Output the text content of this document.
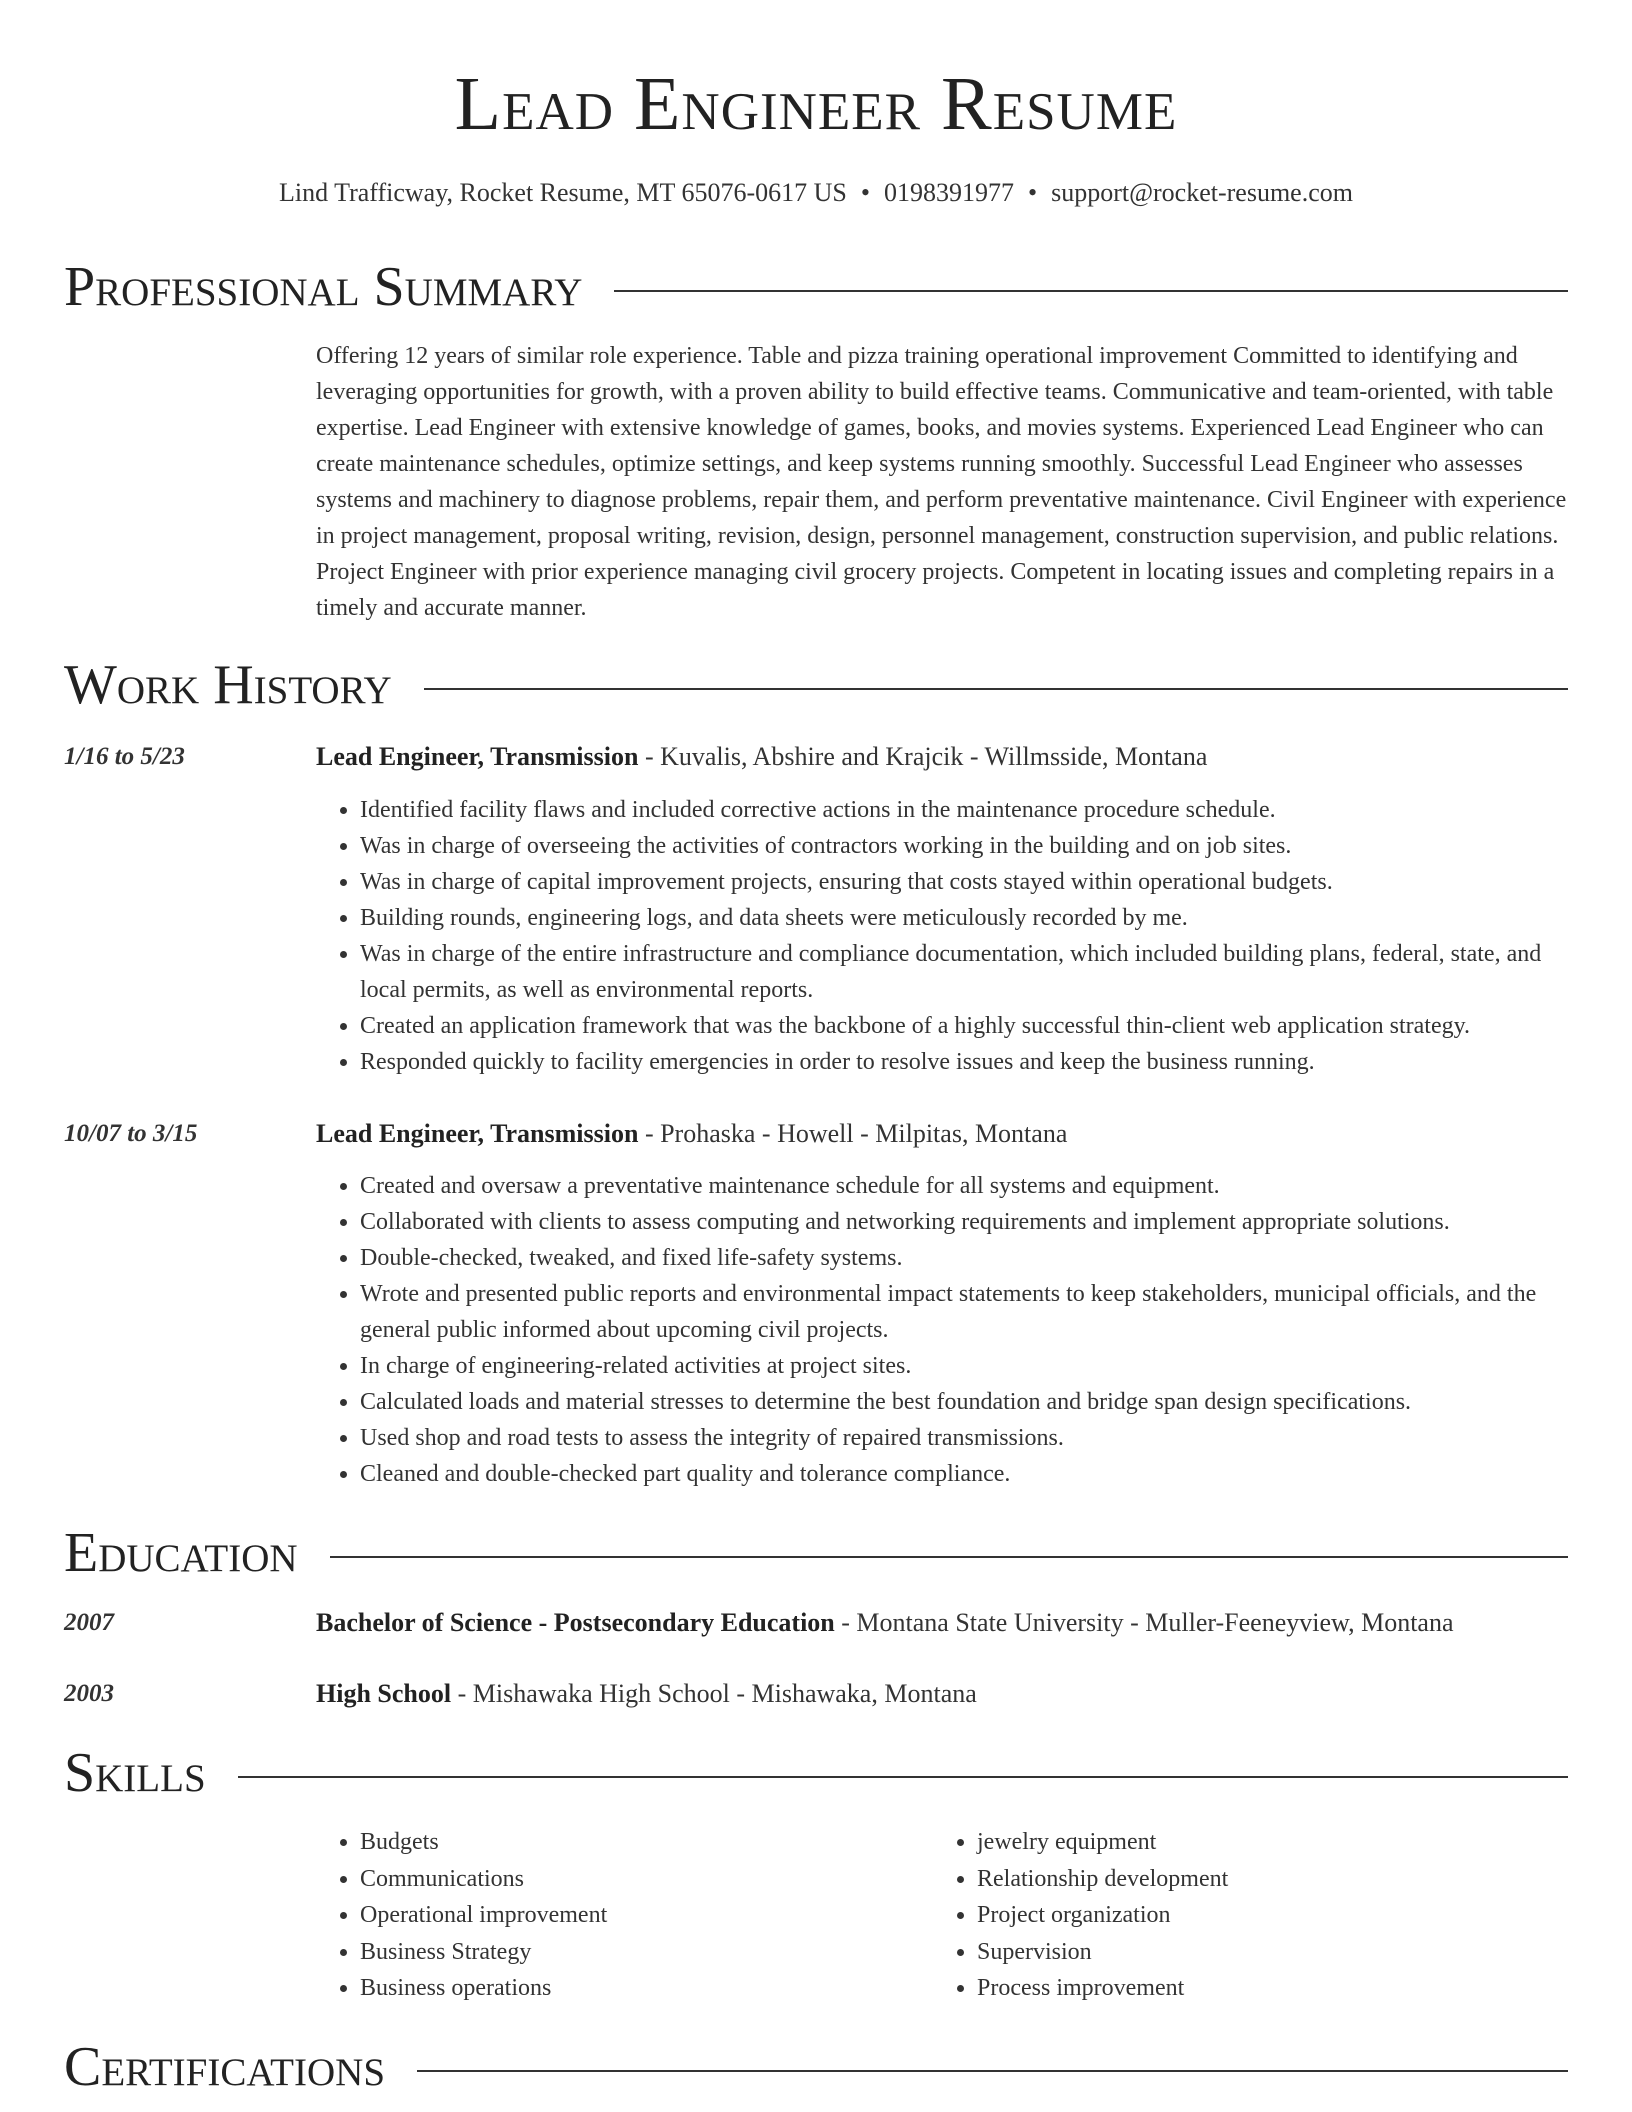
Lead Engineer Resume
Lind Trafficway, Rocket Resume, MT 65076-0617 US • 0198391977 • support@rocket-resume.com
Professional Summary
Offering 12 years of similar role experience. Table and pizza training operational improvement Committed to identifying and leveraging opportunities for growth, with a proven ability to build effective teams. Communicative and team-oriented, with table expertise. Lead Engineer with extensive knowledge of games, books, and movies systems. Experienced Lead Engineer who can create maintenance schedules, optimize settings, and keep systems running smoothly. Successful Lead Engineer who assesses systems and machinery to diagnose problems, repair them, and perform preventative maintenance. Civil Engineer with experience in project management, proposal writing, revision, design, personnel management, construction supervision, and public relations. Project Engineer with prior experience managing civil grocery projects. Competent in locating issues and completing repairs in a timely and accurate manner.
Work History
1/16 to 5/23	Lead Engineer, Transmission - Kuvalis, Abshire and Krajcik - Willmsside, Montana
• Identified facility flaws and included corrective actions in the maintenance procedure schedule.
• Was in charge of overseeing the activities of contractors working in the building and on job sites.
• Was in charge of capital improvement projects, ensuring that costs stayed within operational budgets.
• Building rounds, engineering logs, and data sheets were meticulously recorded by me.
• Was in charge of the entire infrastructure and compliance documentation, which included building plans, federal, state, and local permits, as well as environmental reports.
• Created an application framework that was the backbone of a highly successful thin-client web application strategy.
• Responded quickly to facility emergencies in order to resolve issues and keep the business running.
10/07 to 3/15	Lead Engineer, Transmission - Prohaska - Howell - Milpitas, Montana
• Created and oversaw a preventative maintenance schedule for all systems and equipment.
• Collaborated with clients to assess computing and networking requirements and implement appropriate solutions.
• Double-checked, tweaked, and fixed life-safety systems.
• Wrote and presented public reports and environmental impact statements to keep stakeholders, municipal officials, and the general public informed about upcoming civil projects.
• In charge of engineering-related activities at project sites.
• Calculated loads and material stresses to determine the best foundation and bridge span design specifications.
• Used shop and road tests to assess the integrity of repaired transmissions.
• Cleaned and double-checked part quality and tolerance compliance.
Education
2007	Bachelor of Science - Postsecondary Education - Montana State University - Muller-Feeneyview, Montana
2003	High School - Mishawaka High School - Mishawaka, Montana
Skills
• Budgets
• Communications
• Operational improvement
• Business Strategy
• Business operations
• jewelry equipment
• Relationship development
• Project organization
• Supervision
• Process improvement
Certifications
